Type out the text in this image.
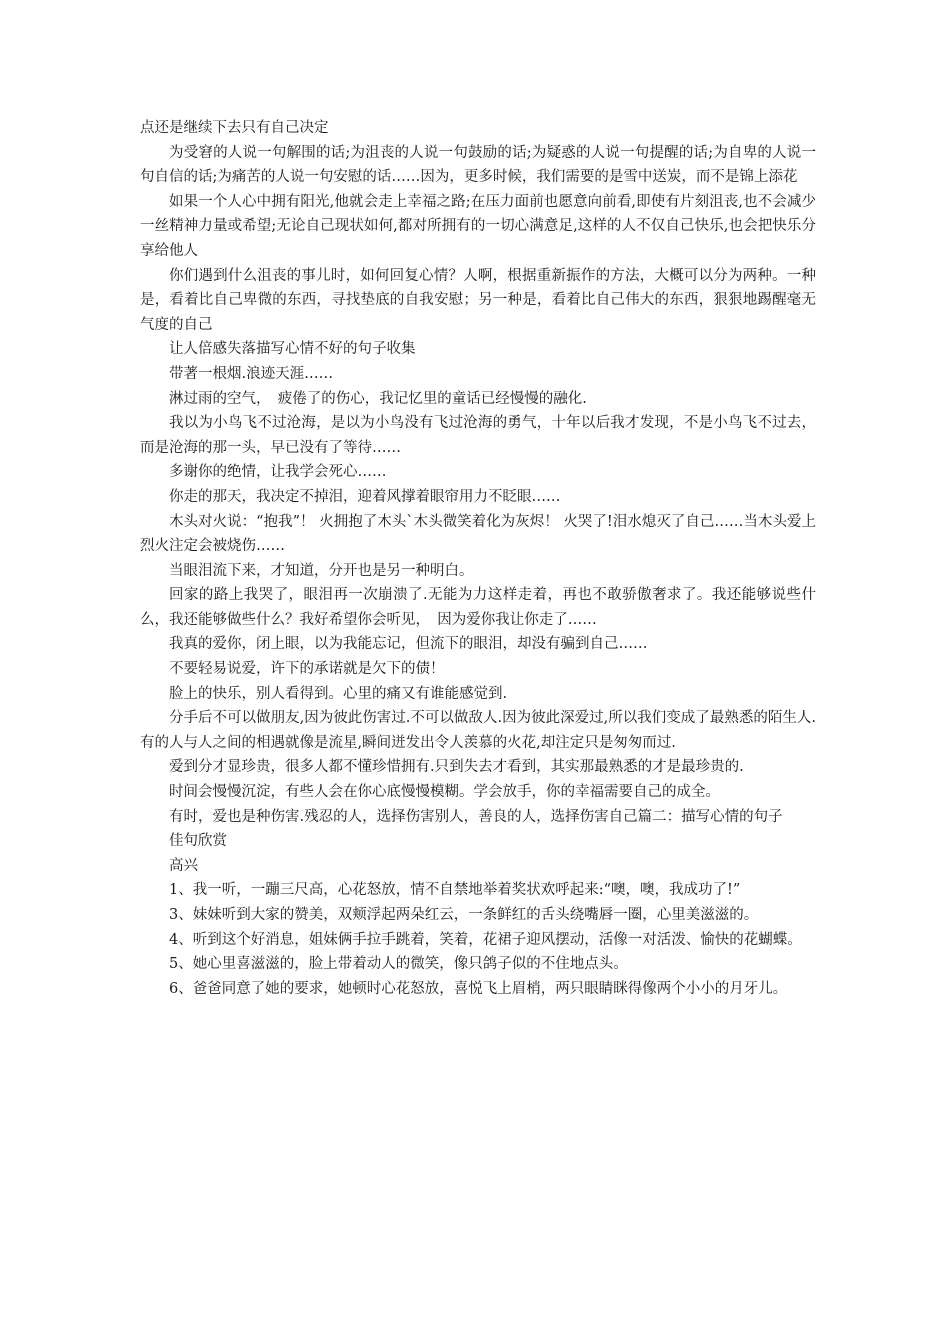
点还是继续下去只有自己决定

为受窘的人说一句解围的话;为沮丧的人说一句鼓励的话;为疑惑的人说一句提醒的话;为自卑的人说一句自信的话;为痛苦的人说一句安慰的话……因为，更多时候，我们需要的是雪中送炭，而不是锦上添花

如果一个人心中拥有阳光,他就会走上幸福之路;在压力面前也愿意向前看,即使有片刻沮丧,也不会减少一丝精神力量或希望;无论自己现状如何,都对所拥有的一切心满意足,这样的人不仅自己快乐,也会把快乐分享给他人

你们遇到什么沮丧的事儿时，如何回复心情？人啊，根据重新振作的方法，大概可以分为两种。一种是，看着比自己卑微的东西，寻找垫底的自我安慰；另一种是，看着比自己伟大的东西，狠狠地踢醒毫无气度的自己

让人倍感失落描写心情不好的句子收集

带著一根烟.浪迹天涯……

淋过雨的空气，　疲倦了的伤心，我记忆里的童话已经慢慢的融化.

我以为小鸟飞不过沧海，是以为小鸟没有飞过沧海的勇气，十年以后我才发现，不是小鸟飞不过去，而是沧海的那一头，早已没有了等待……

多谢你的绝情，让我学会死心……

你走的那天，我决定不掉泪，迎着风撑着眼帘用力不眨眼……

木头对火说：“抱我”！ 火拥抱了木头`木头微笑着化为灰烬！ 火哭了!泪水熄灭了自己……当木头爱上烈火注定会被烧伤……

当眼泪流下来，才知道，分开也是另一种明白。

回家的路上我哭了，眼泪再一次崩溃了.无能为力这样走着，再也不敢骄傲奢求了。我还能够说些什么，我还能够做些什么？我好希望你会听见，　因为爱你我让你走了……

我真的爱你，闭上眼，以为我能忘记，但流下的眼泪，却没有骗到自己……

不要轻易说爱，许下的承诺就是欠下的债！

脸上的快乐，别人看得到。心里的痛又有谁能感觉到.

分手后不可以做朋友,因为彼此伤害过.不可以做敌人.因为彼此深爱过,所以我们变成了最熟悉的陌生人.　有的人与人之间的相遇就像是流星,瞬间迸发出令人羡慕的火花,却注定只是匆匆而过.

爱到分才显珍贵，很多人都不懂珍惜拥有.只到失去才看到，其实那最熟悉的才是最珍贵的.

时间会慢慢沉淀，有些人会在你心底慢慢模糊。学会放手，你的幸福需要自己的成全。

有时，爱也是种伤害.残忍的人，选择伤害别人，善良的人，选择伤害自己篇二：描写心情的句子

佳句欣赏

高兴

1、我一听，一蹦三尺高，心花怒放，情不自禁地举着奖状欢呼起来:“噢，噢，我成功了!”

3、妹妹听到大家的赞美，双颊浮起两朵红云，一条鲜红的舌头绕嘴唇一圈，心里美滋滋的。

4、听到这个好消息，姐妹俩手拉手跳着，笑着，花裙子迎风摆动，活像一对活泼、愉快的花蝴蝶。

5、她心里喜滋滋的，脸上带着动人的微笑，像只鸽子似的不住地点头。

6、爸爸同意了她的要求，她顿时心花怒放，喜悦飞上眉梢，两只眼睛眯得像两个小小的月牙儿。
